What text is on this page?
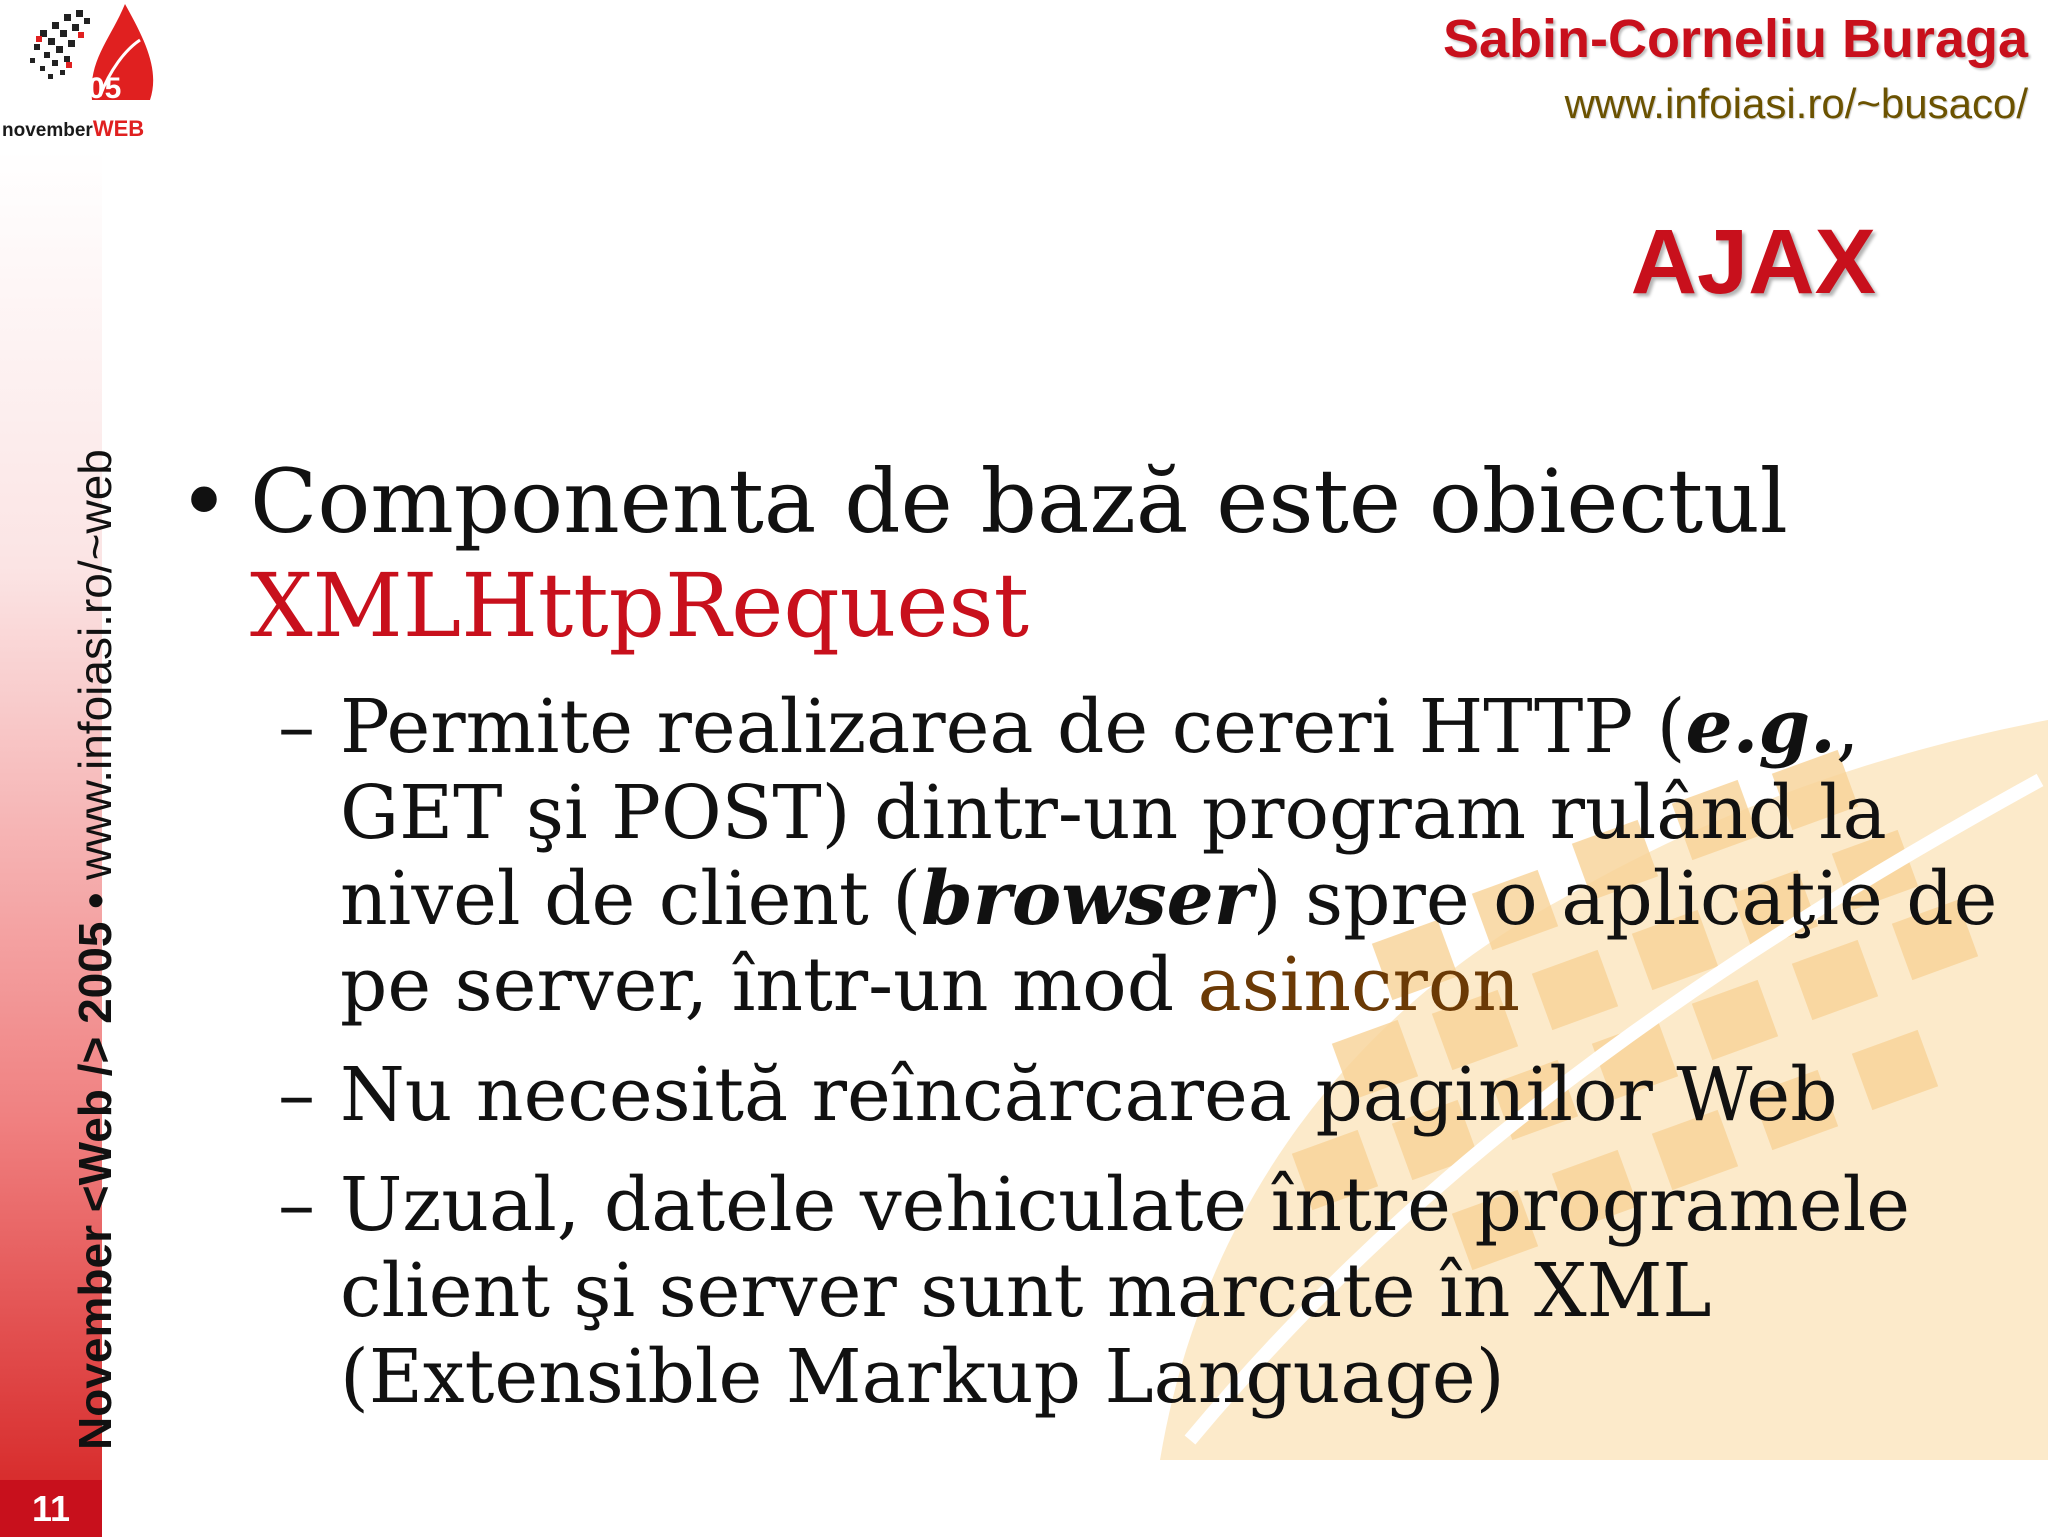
novemberWEB
05
Sabin-Corneliu Buraga
www.infoiasi.ro/~busaco/
AJAX
November <Web /> 2005 • www.infoiasi.ro/~web
11
• Componenta de bază este obiectul
XMLHttpRequest
– Permite realizarea de cereri HTTP (e.g., GET şi POST) dintr-un program rulând la nivel de client (browser) spre o aplicaţie de pe server, într-un mod asincron
– Nu necesită reîncărcarea paginilor Web
– Uzual, datele vehiculate între programele client şi server sunt marcate în XML (Extensible Markup Language)
